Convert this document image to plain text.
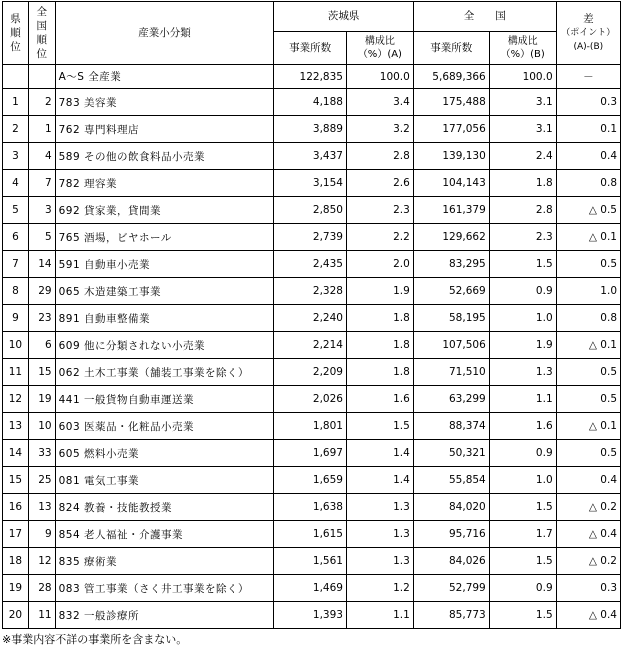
県
順
位	全
国
順
位	産業小分類	茨城県		全　　国		差
（ポイント）
(A)-(B)
			事業所数	構成比
（%）(A)	事業所数	構成比
（%）(B)	
		A～S 全産業	122,835	100.0	5,689,366	100.0	－
1	2	783 美容業	4,188	3.4	175,488	3.1	0.3
2	1	762 専門料理店	3,889	3.2	177,056	3.1	0.1
3	4	589 その他の飲食料品小売業	3,437	2.8	139,130	2.4	0.4
4	7	782 理容業	3,154	2.6	104,143	1.8	0.8
5	3	692 貸家業，貸間業	2,850	2.3	161,379	2.8	△ 0.5
6	5	765 酒場，ビヤホール	2,739	2.2	129,662	2.3	△ 0.1
7	14	591 自動車小売業	2,435	2.0	83,295	1.5	0.5
8	29	065 木造建築工事業	2,328	1.9	52,669	0.9	1.0
9	23	891 自動車整備業	2,240	1.8	58,195	1.0	0.8
10	6	609 他に分類されない小売業	2,214	1.8	107,506	1.9	△ 0.1
11	15	062 土木工事業（舗装工事業を除く）	2,209	1.8	71,510	1.3	0.5
12	19	441 一般貨物自動車運送業	2,026	1.6	63,299	1.1	0.5
13	10	603 医薬品・化粧品小売業	1,801	1.5	88,374	1.6	△ 0.1
14	33	605 燃料小売業	1,697	1.4	50,321	0.9	0.5
15	25	081 電気工事業	1,659	1.4	55,854	1.0	0.4
16	13	824 教養・技能教授業	1,638	1.3	84,020	1.5	△ 0.2
17	9	854 老人福祉・介護事業	1,615	1.3	95,716	1.7	△ 0.4
18	12	835 療術業	1,561	1.3	84,026	1.5	△ 0.2
19	28	083 管工事業（さく井工事業を除く）	1,469	1.2	52,799	0.9	0.3
20	11	832 一般診療所	1,393	1.1	85,773	1.5	△ 0.4
※事業内容不詳の事業所を含まない。
